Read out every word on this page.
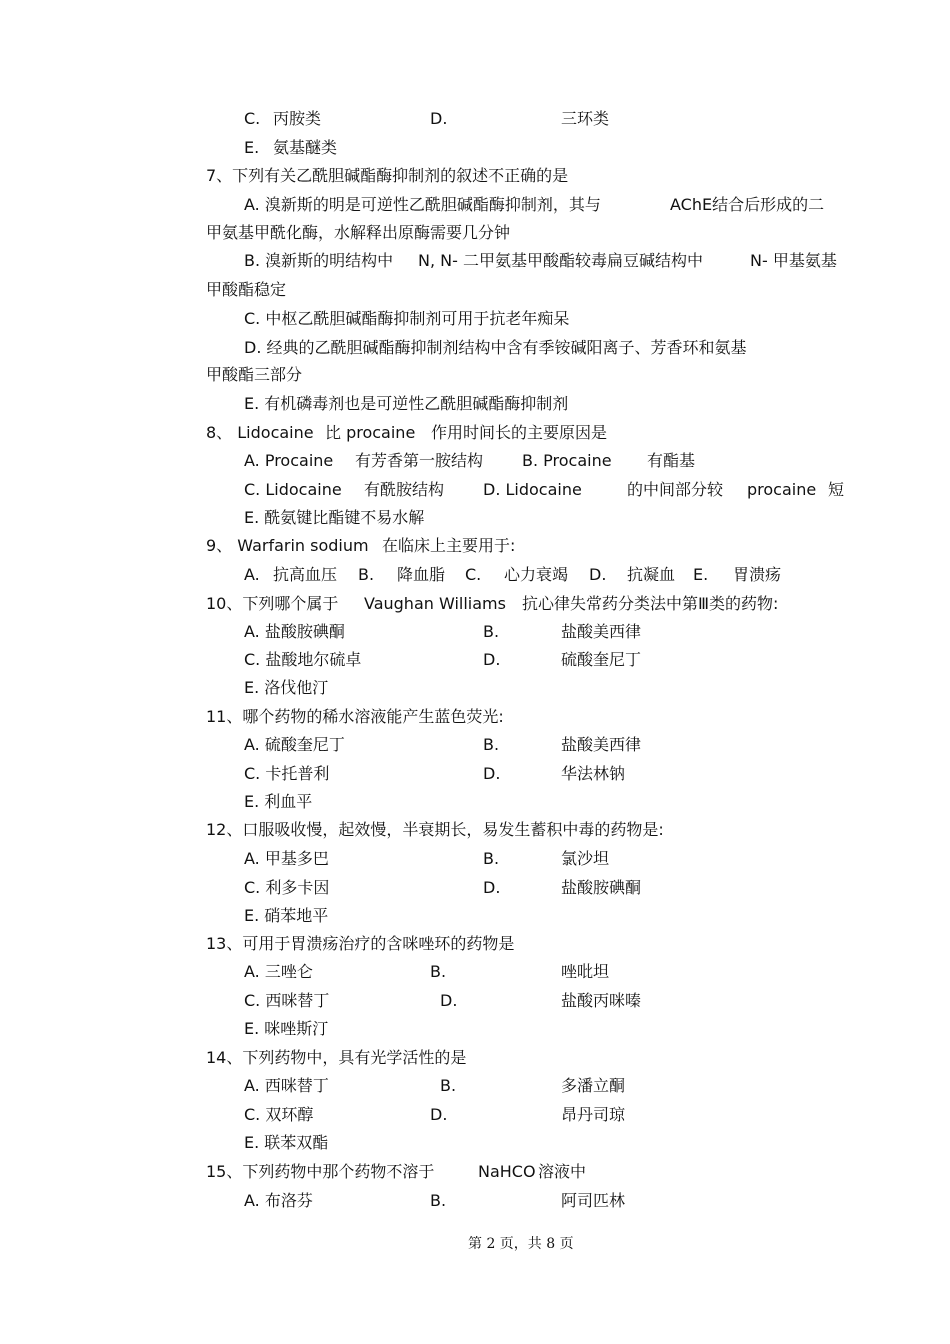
C. 丙胺类	D.	三环类
E. 氨基醚类
7、下列有关乙酰胆碱酯酶抑制剂的叙述不正确的是
A. 溴新斯的明是可逆性乙酰胆碱酯酶抑制剂，其与	AChE结合后形成的二
甲氨基甲酰化酶，水解释出原酶需要几分钟
B. 溴新斯的明结构中 N, N- 二甲氨基甲酸酯较毒扁豆碱结构中	N- 甲基氨基
甲酸酯稳定
C. 中枢乙酰胆碱酯酶抑制剂可用于抗老年痴呆
D. 经典的乙酰胆碱酯酶抑制剂结构中含有季铵碱阳离子、芳香环和氨基
甲酸酯三部分
E. 有机磷毒剂也是可逆性乙酰胆碱酯酶抑制剂
8、 Lidocaine 比 procaine 作用时间长的主要原因是
A. Procaine 有芳香第一胺结构 B. Procaine 有酯基
C. Lidocaine 有酰胺结构 D. Lidocaine	的中间部分较 procaine 短
E. 酰氨键比酯键不易水解
9、 Warfarin sodium 在临床上主要用于:
A. 抗高血压 B. 降血脂 C. 心力衰竭 D. 抗凝血 E. 胃溃疡
10、下列哪个属于 Vaughan Williams 抗心律失常药分类法中第Ⅲ类的药物:
A. 盐酸胺碘酮	B.	盐酸美西律
C. 盐酸地尔硫卓	D.	硫酸奎尼丁
E. 洛伐他汀
11、哪个药物的稀水溶液能产生蓝色荧光:
A. 硫酸奎尼丁	B.	盐酸美西律
C. 卡托普利	D.	华法林钠
E. 利血平
12、口服吸收慢，起效慢，半衰期长，易发生蓄积中毒的药物是:
A. 甲基多巴	B.	氯沙坦
C. 利多卡因	D.	盐酸胺碘酮
E. 硝苯地平
13、可用于胃溃疡治疗的含咪唑环的药物是
A. 三唑仑	B.	唑吡坦
C. 西咪替丁	D.	盐酸丙咪嗪
E. 咪唑斯汀
14、下列药物中，具有光学活性的是
A. 西咪替丁	B.	多潘立酮
C. 双环醇	D.	昂丹司琼
E. 联苯双酯
15、下列药物中那个药物不溶于	NaHCO 溶液中
A. 布洛芬	B.	阿司匹林
第 2 页，共 8 页
